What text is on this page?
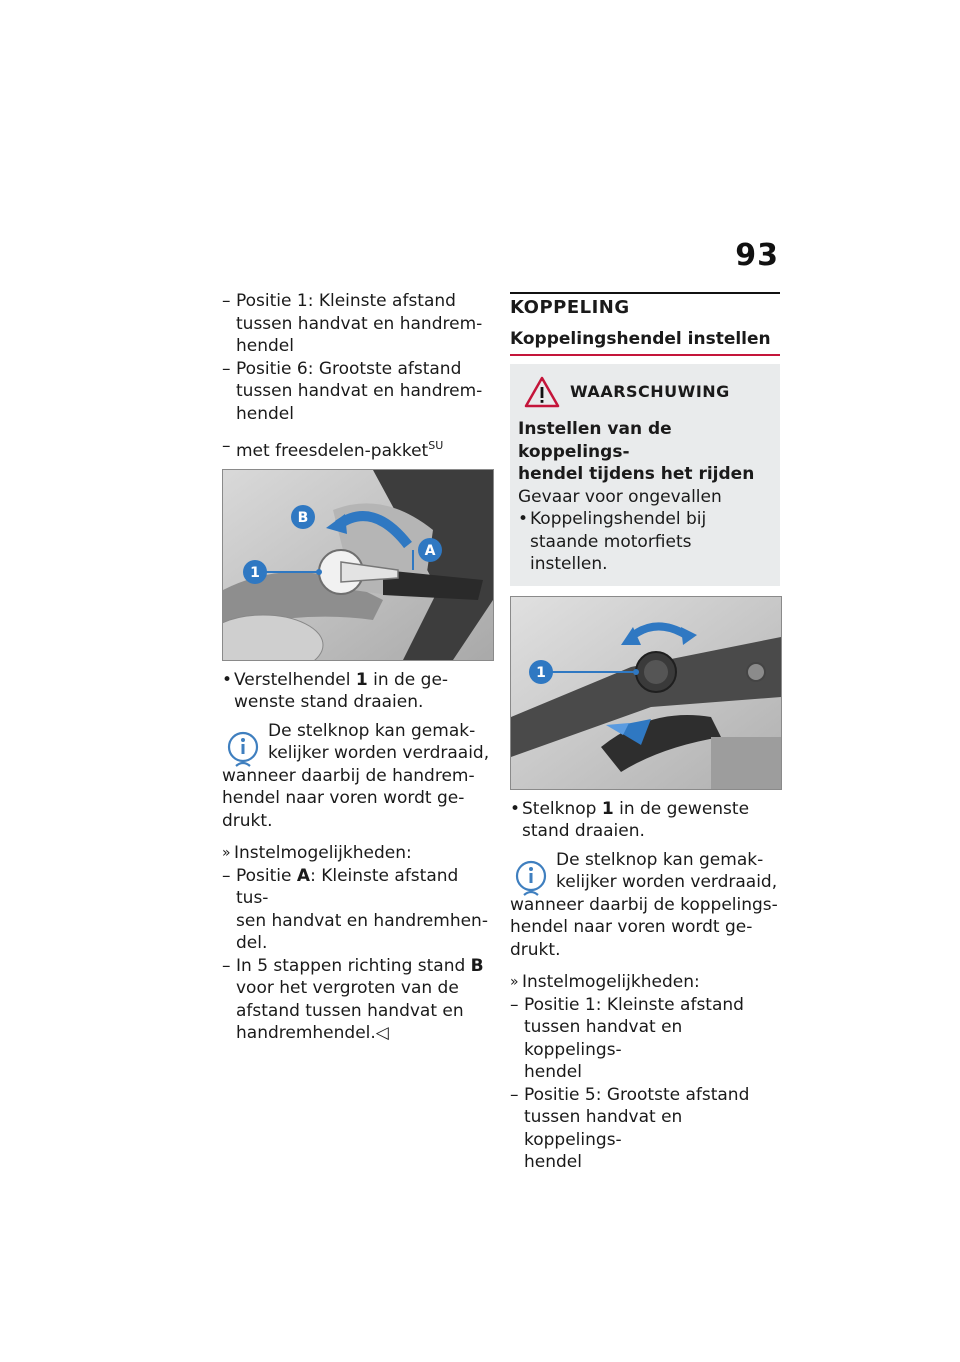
93
– Positie 1: Kleinste afstand
tussen handvat en handrem-
hendel
– Positie 6: Grootste afstand
tussen handvat en handrem-
hendel
– met freesdelen-pakket$^{SU}$
1
B
A
• Verstelhendel 1 in de ge-
wenste stand draaien.
De stelknop kan gemak-
kelijker worden verdraaid,
wanneer daarbij de handrem-
hendel naar voren wordt ge-
drukt.
» Instelmogelijkheden:
– Positie A: Kleinste afstand tus-
sen handvat en handremhen-
del.
– In 5 stappen richting stand B
voor het vergroten van de
afstand tussen handvat en
handremhendel.◁
KOPPELING
Koppelingshendel instellen
WAARSCHUWING
Instellen van de koppelings-
hendel tijdens het rijden
Gevaar voor ongevallen
• Koppelingshendel bij
staande motorfiets instellen.
1
• Stelknop 1 in de gewenste
stand draaien.
De stelknop kan gemak-
kelijker worden verdraaid,
wanneer daarbij de koppelings-
hendel naar voren wordt ge-
drukt.
» Instelmogelijkheden:
– Positie 1: Kleinste afstand
tussen handvat en koppelings-
hendel
– Positie 5: Grootste afstand
tussen handvat en koppelings-
hendel
